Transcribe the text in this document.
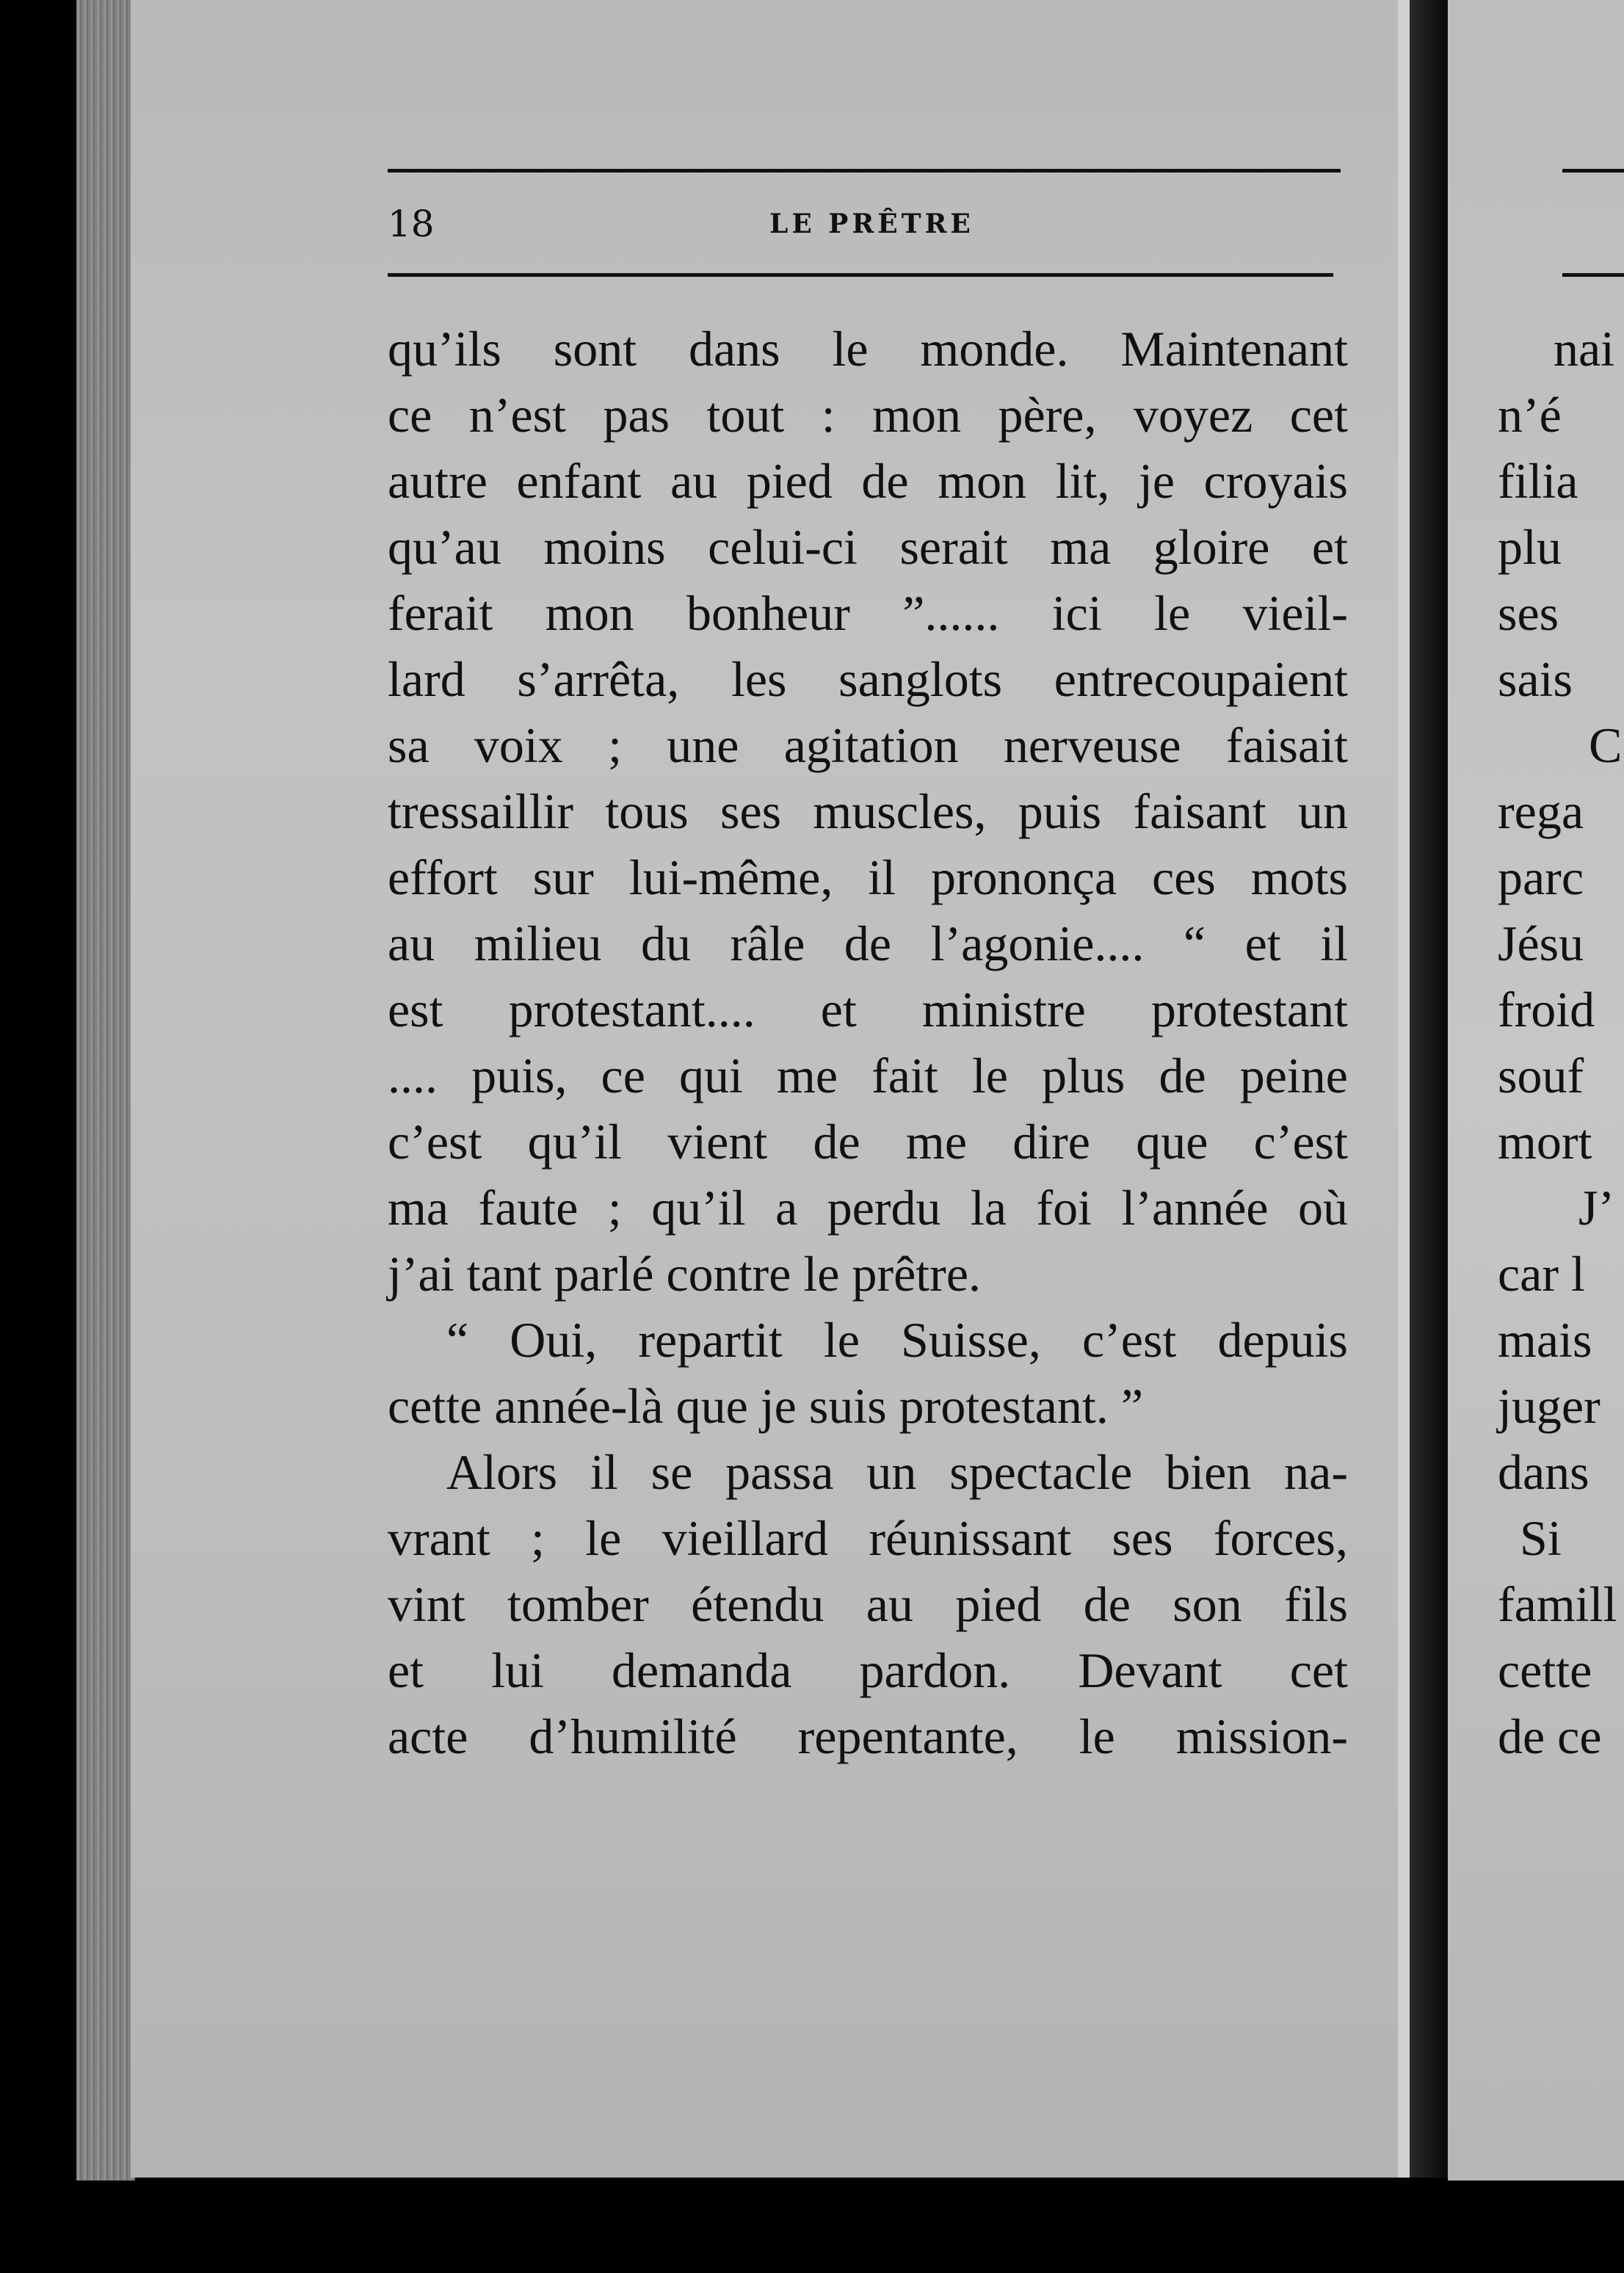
18	LE PRÊTRE
qu’ils sont dans le monde. Maintenant
ce n’est pas tout : mon père, voyez cet
autre enfant au pied de mon lit, je croyais
qu’au moins celui-ci serait ma gloire et
ferait mon bonheur ”...... ici le vieil-
lard s’arrêta, les sanglots entrecoupaient
sa voix ; une agitation nerveuse faisait
tressaillir tous ses muscles, puis faisant un
effort sur lui-même, il prononça ces mots
au milieu du râle de l’agonie.... “ et il
est protestant.... et ministre protestant
.... puis, ce qui me fait le plus de peine
c’est qu’il vient de me dire que c’est
ma faute ; qu’il a perdu la foi l’année où
j’ai tant parlé contre le prêtre.
“ Oui, repartit le Suisse, c’est depuis
cette année-là que je suis protestant. ”
Alors il se passa un spectacle bien na-
vrant ; le vieillard réunissant ses forces,
vint tomber étendu au pied de son fils
et lui demanda pardon. Devant cet
acte d’humilité repentante, le mission-
nai
n’é
filia
plu
ses
sais
C
rega
parc
Jésu
froid
souf
mort
J’
car l
mais
juger
dans
Si
famill
cette
de ce
